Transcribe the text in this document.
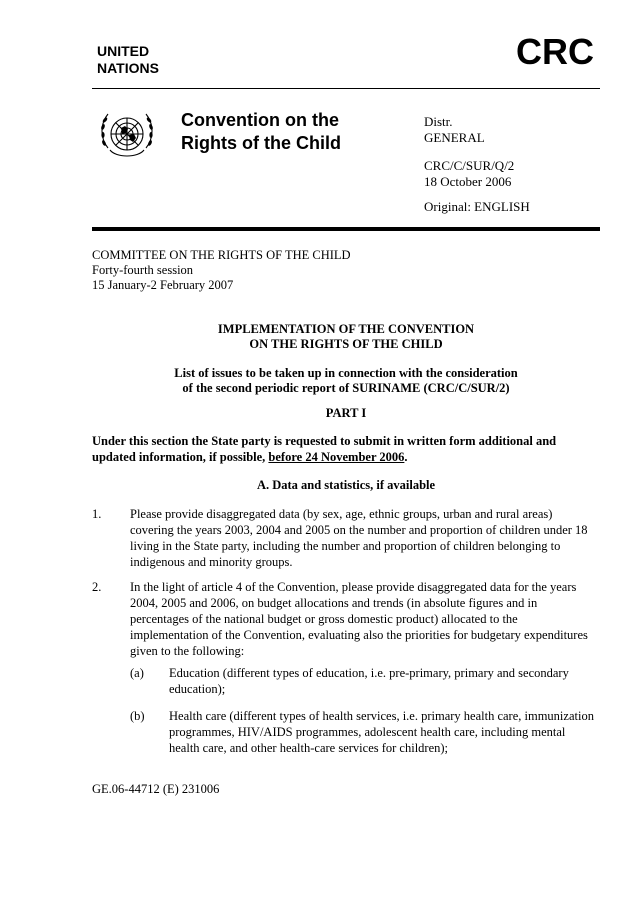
UNITED
NATIONS	CRC
Convention on the
Rights of the Child
Distr.
GENERAL
CRC/C/SUR/Q/2
18 October 2006
Original: ENGLISH
COMMITTEE ON THE RIGHTS OF THE CHILD
Forty-fourth session
15 January-2 February 2007
IMPLEMENTATION OF THE CONVENTION
ON THE RIGHTS OF THE CHILD
List of issues to be taken up in connection with the consideration
of the second periodic report of SURINAME (CRC/C/SUR/2)
PART I
Under this section the State party is requested to submit in written form additional and updated information, if possible, before 24 November 2006.
A. Data and statistics, if available
1. Please provide disaggregated data (by sex, age, ethnic groups, urban and rural areas) covering the years 2003, 2004 and 2005 on the number and proportion of children under 18 living in the State party, including the number and proportion of children belonging to indigenous and minority groups.
2. In the light of article 4 of the Convention, please provide disaggregated data for the years 2004, 2005 and 2006, on budget allocations and trends (in absolute figures and in percentages of the national budget or gross domestic product) allocated to the implementation of the Convention, evaluating also the priorities for budgetary expenditures given to the following:
(a) Education (different types of education, i.e. pre-primary, primary and secondary education);
(b) Health care (different types of health services, i.e. primary health care, immunization programmes, HIV/AIDS programmes, adolescent health care, including mental health care, and other health-care services for children);
GE.06-44712 (E) 231006
